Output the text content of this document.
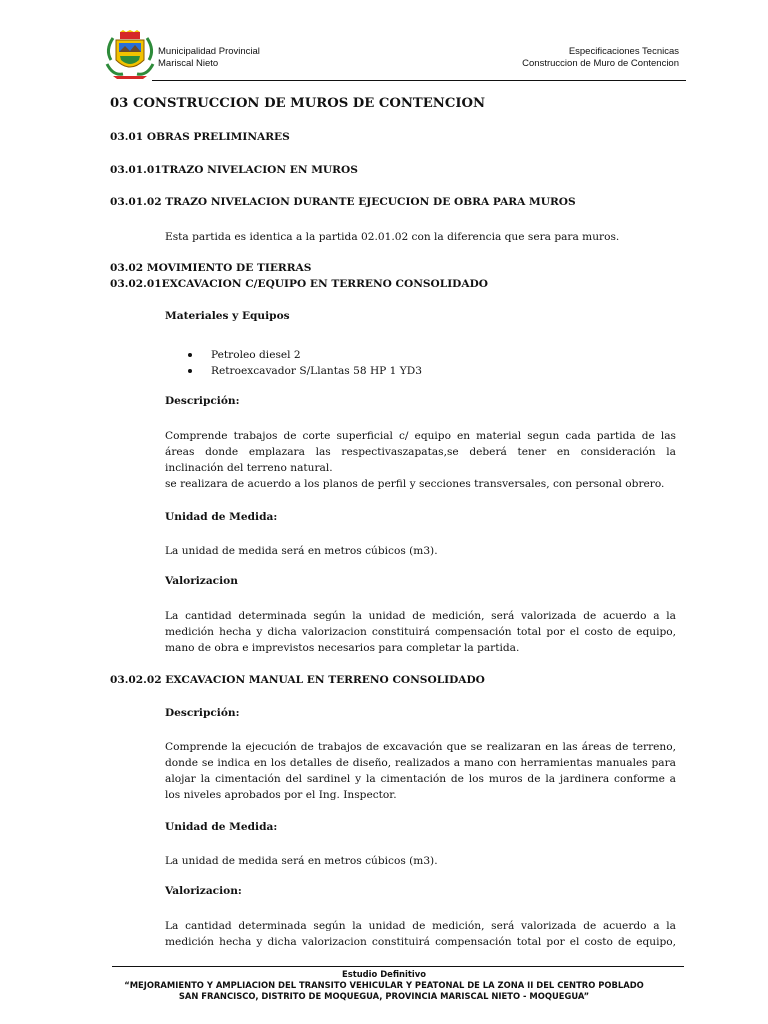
Municipalidad Provincial
Mariscal Nieto
Especificaciones Tecnicas
Construccion de Muro de Contencion
03 CONSTRUCCION DE MUROS DE CONTENCION
03.01 OBRAS PRELIMINARES
03.01.01TRAZO NIVELACION EN MUROS
03.01.02 TRAZO NIVELACION DURANTE EJECUCION DE OBRA PARA MUROS
Esta partida es identica a la partida 02.01.02 con la diferencia que sera para muros.
03.02 MOVIMIENTO DE TIERRAS
03.02.01EXCAVACION C/EQUIPO EN TERRENO CONSOLIDADO
Materiales y Equipos
Petroleo diesel 2
Retroexcavador S/Llantas 58 HP 1 YD3
Descripción:
Comprende trabajos de corte superficial c/ equipo en material segun cada partida de las
áreas donde emplazara las respectivaszapatas,se deberá tener en consideración la
inclinación del terreno natural.
se realizara de acuerdo a los planos de perfil y secciones transversales, con personal obrero.
Unidad de Medida:
La unidad de medida será en metros cúbicos (m3).
Valorizacion
La cantidad determinada según la unidad de medición, será valorizada de acuerdo a la
medición hecha y dicha valorizacion constituirá compensación total por el costo de equipo,
mano de obra e imprevistos necesarios para completar la partida.
03.02.02 EXCAVACION MANUAL EN TERRENO CONSOLIDADO
Descripción:
Comprende la ejecución de trabajos de excavación que se realizaran en las áreas de terreno,
donde se indica en los detalles de diseño, realizados a mano con herramientas manuales para
alojar la cimentación del sardinel y la cimentación de los muros de la jardinera conforme a
los niveles aprobados por el Ing. Inspector.
Unidad de Medida:
La unidad de medida será en metros cúbicos (m3).
Valorizacion:
La cantidad determinada según la unidad de medición, será valorizada de acuerdo a la
medición hecha y dicha valorizacion constituirá compensación total por el costo de equipo,
Estudio Definitivo
“MEJORAMIENTO Y AMPLIACION DEL TRANSITO VEHICULAR Y PEATONAL DE LA ZONA II DEL CENTRO POBLADO
SAN FRANCISCO, DISTRITO DE MOQUEGUA, PROVINCIA MARISCAL NIETO - MOQUEGUA”
